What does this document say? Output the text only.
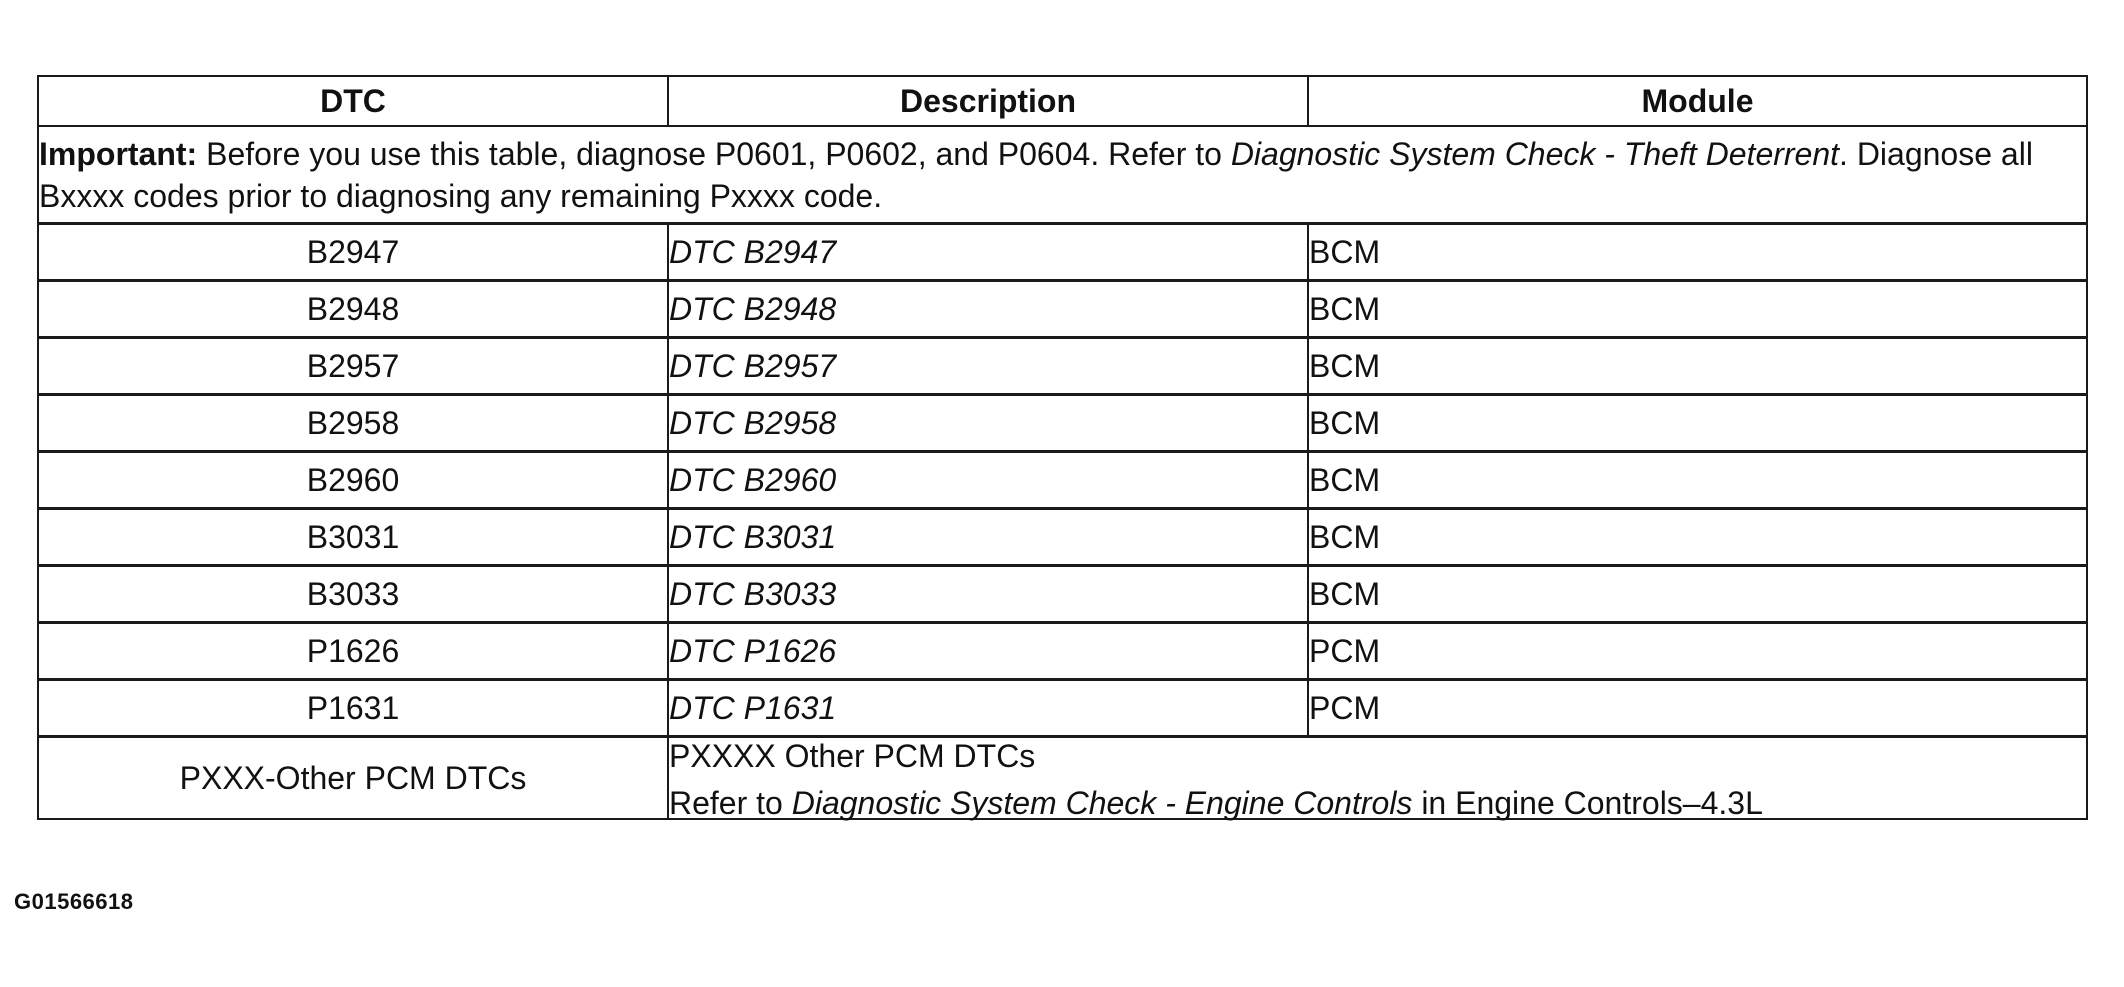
DTC	Description	Module
Important: Before you use this table, diagnose P0601, P0602, and P0604. Refer to Diagnostic System Check - Theft Deterrent. Diagnose all Bxxxx codes prior to diagnosing any remaining Pxxxx code.		
B2947	DTC B2947	BCM
B2948	DTC B2948	BCM
B2957	DTC B2957	BCM
B2958	DTC B2958	BCM
B2960	DTC B2960	BCM
B3031	DTC B3031	BCM
B3033	DTC B3033	BCM
P1626	DTC P1626	PCM
P1631	DTC P1631	PCM
PXXX-Other PCM DTCs	PXXXX Other PCM DTCs
Refer to Diagnostic System Check - Engine Controls in Engine Controls–4.3L	
G01566618
